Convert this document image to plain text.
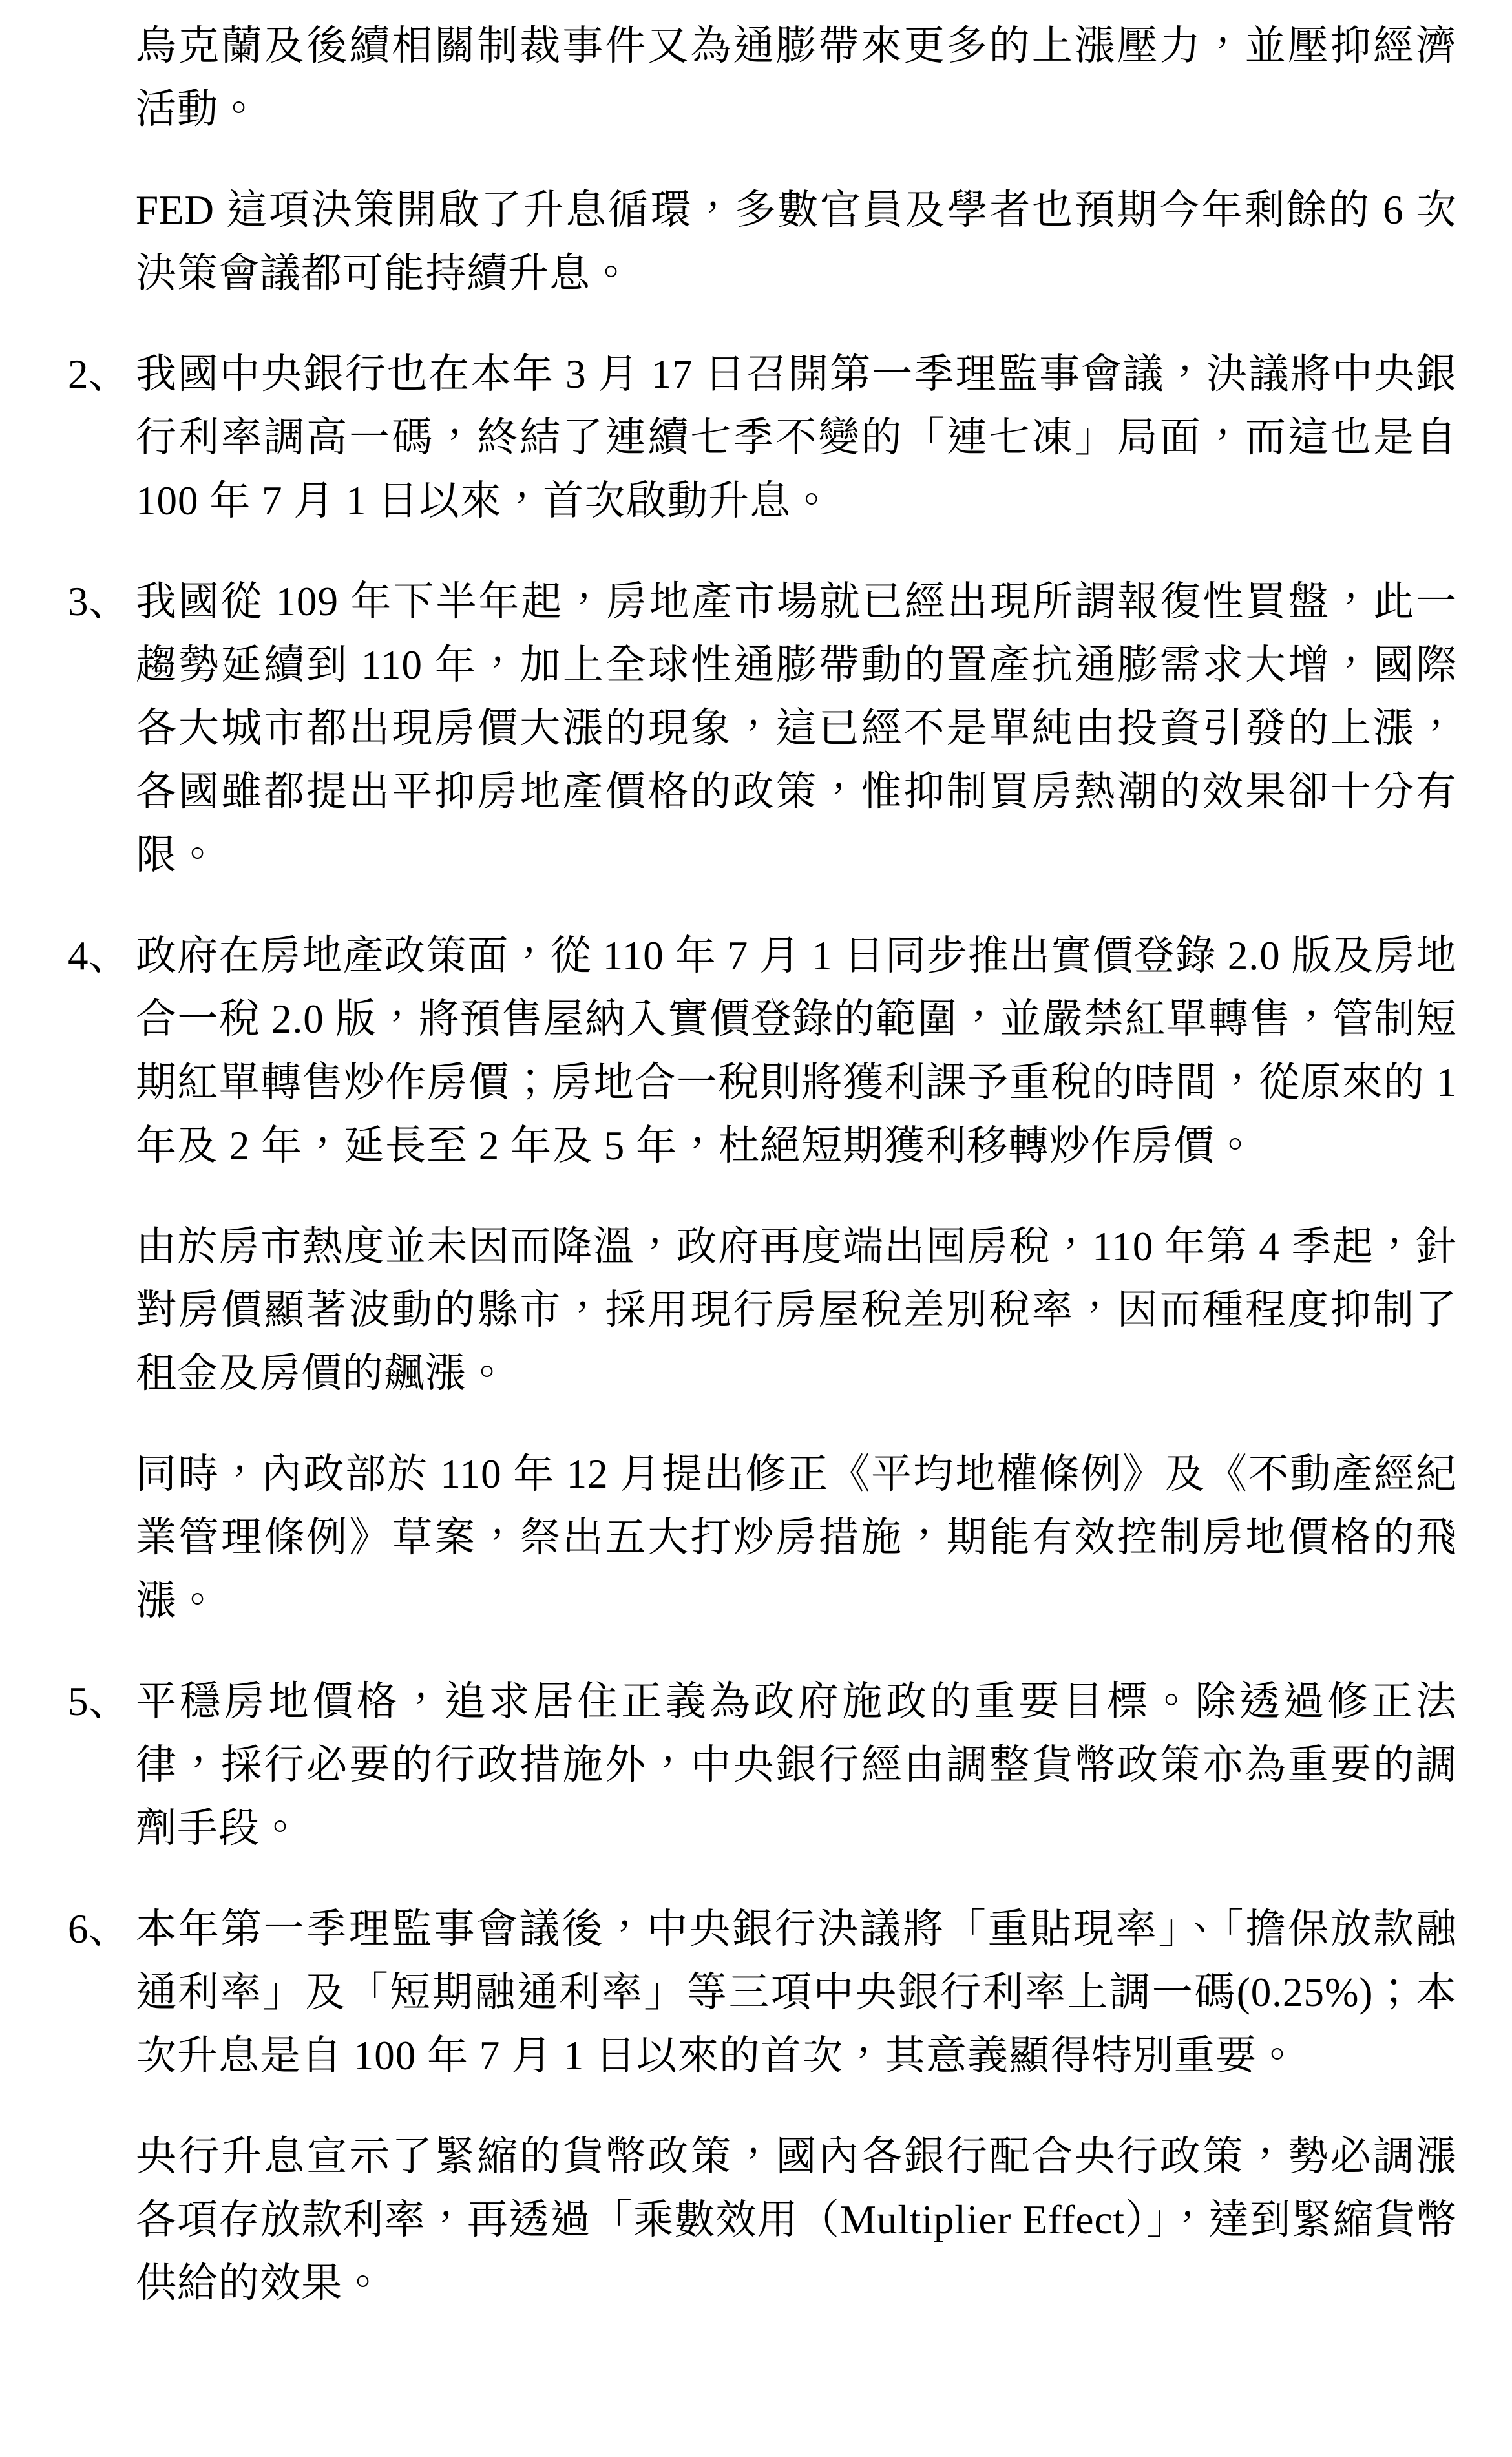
烏克蘭及後續相關制裁事件又為通膨帶來更多的上漲壓力，並壓抑經濟活動。
FED 這項決策開啟了升息循環，多數官員及學者也預期今年剩餘的 6 次決策會議都可能持續升息。
2、 我國中央銀行也在本年 3 月 17 日召開第一季理監事會議，決議將中央銀行利率調高一碼，終結了連續七季不變的「連七凍」局面，而這也是自 100 年 7 月 1 日以來，首次啟動升息。
3、 我國從 109 年下半年起，房地產市場就已經出現所謂報復性買盤，此一趨勢延續到 110 年，加上全球性通膨帶動的置產抗通膨需求大增，國際各大城市都出現房價大漲的現象，這已經不是單純由投資引發的上漲，各國雖都提出平抑房地產價格的政策，惟抑制買房熱潮的效果卻十分有限。
4、 政府在房地產政策面，從 110 年 7 月 1 日同步推出實價登錄 2.0 版及房地合一稅 2.0 版，將預售屋納入實價登錄的範圍，並嚴禁紅單轉售，管制短期紅單轉售炒作房價；房地合一稅則將獲利課予重稅的時間，從原來的 1 年及 2 年，延長至 2 年及 5 年，杜絕短期獲利移轉炒作房價。
由於房市熱度並未因而降溫，政府再度端出囤房稅，110 年第 4 季起，針對房價顯著波動的縣市，採用現行房屋稅差別稅率，因而種程度抑制了租金及房價的飆漲。
同時，內政部於 110 年 12 月提出修正《平均地權條例》及《不動產經紀業管理條例》草案，祭出五大打炒房措施，期能有效控制房地價格的飛漲。
5、 平穩房地價格，追求居住正義為政府施政的重要目標。除透過修正法律，採行必要的行政措施外，中央銀行經由調整貨幣政策亦為重要的調劑手段。
6、 本年第一季理監事會議後，中央銀行決議將「重貼現率」、「擔保放款融通利率」及「短期融通利率」等三項中央銀行利率上調一碼(0.25%)；本次升息是自 100 年 7 月 1 日以來的首次，其意義顯得特別重要。
央行升息宣示了緊縮的貨幣政策，國內各銀行配合央行政策，勢必調漲各項存放款利率，再透過「乘數效用（Multiplier Effect）」，達到緊縮貨幣供給的效果。
